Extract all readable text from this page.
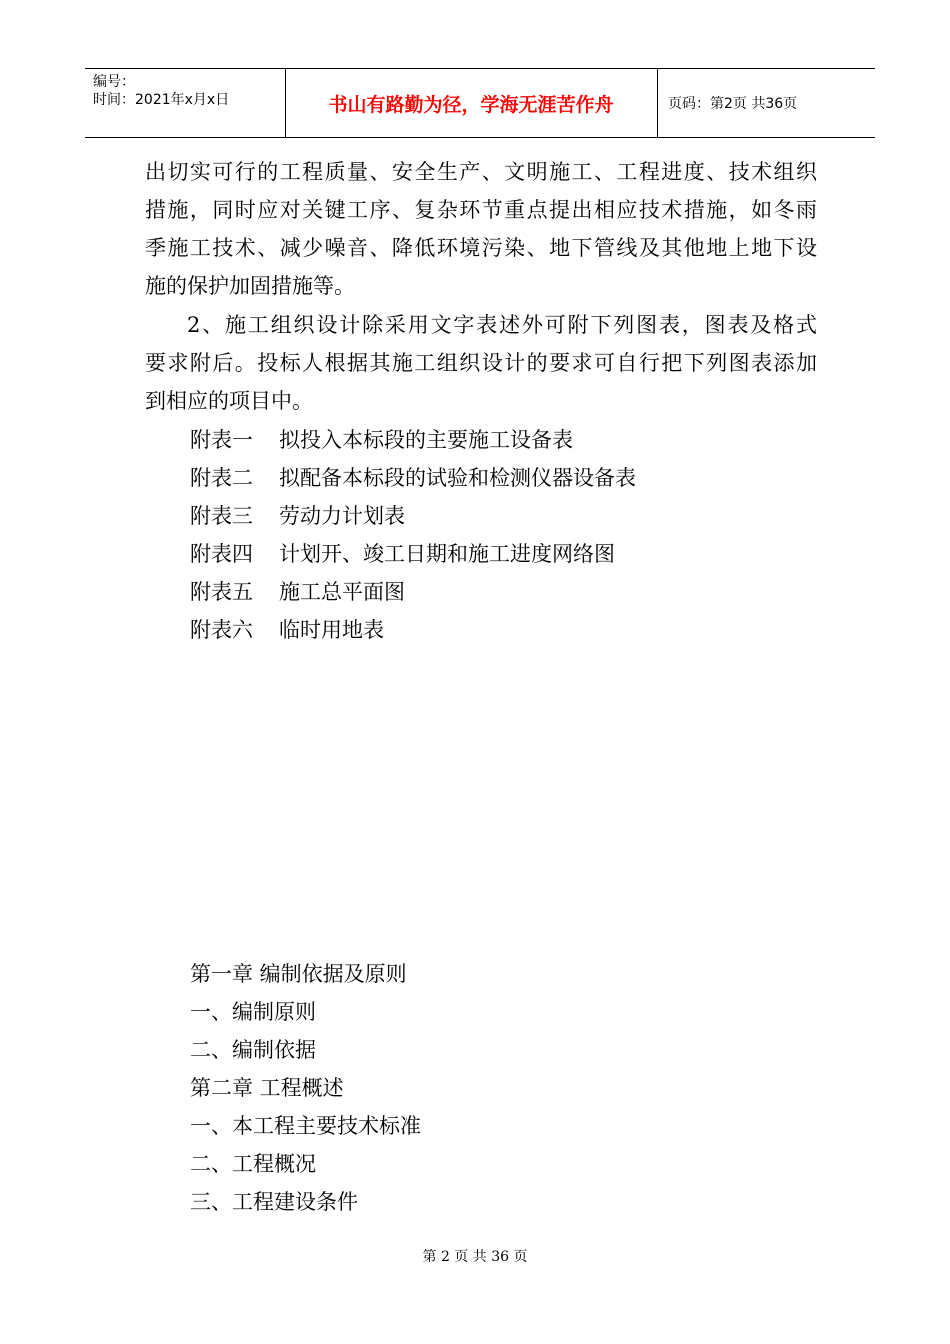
编号：
时间：2021年x月x日	书山有路勤为径，学海无涯苦作舟	页码：第2页 共36页
出切实可行的工程质量、安全生产、文明施工、工程进度、技术组织
措施，同时应对关键工序、复杂环节重点提出相应技术措施，如冬雨
季施工技术、减少噪音、降低环境污染、地下管线及其他地上地下设
施的保护加固措施等。
2、施工组织设计除采用文字表述外可附下列图表，图表及格式
要求附后。投标人根据其施工组织设计的要求可自行把下列图表添加
到相应的项目中。
附表一 拟投入本标段的主要施工设备表
附表二 拟配备本标段的试验和检测仪器设备表
附表三 劳动力计划表
附表四 计划开、竣工日期和施工进度网络图
附表五 施工总平面图
附表六 临时用地表
第一章 编制依据及原则
一、编制原则
二、编制依据
第二章 工程概述
一、本工程主要技术标准
二、工程概况
三、工程建设条件
第 2 页 共 36 页
